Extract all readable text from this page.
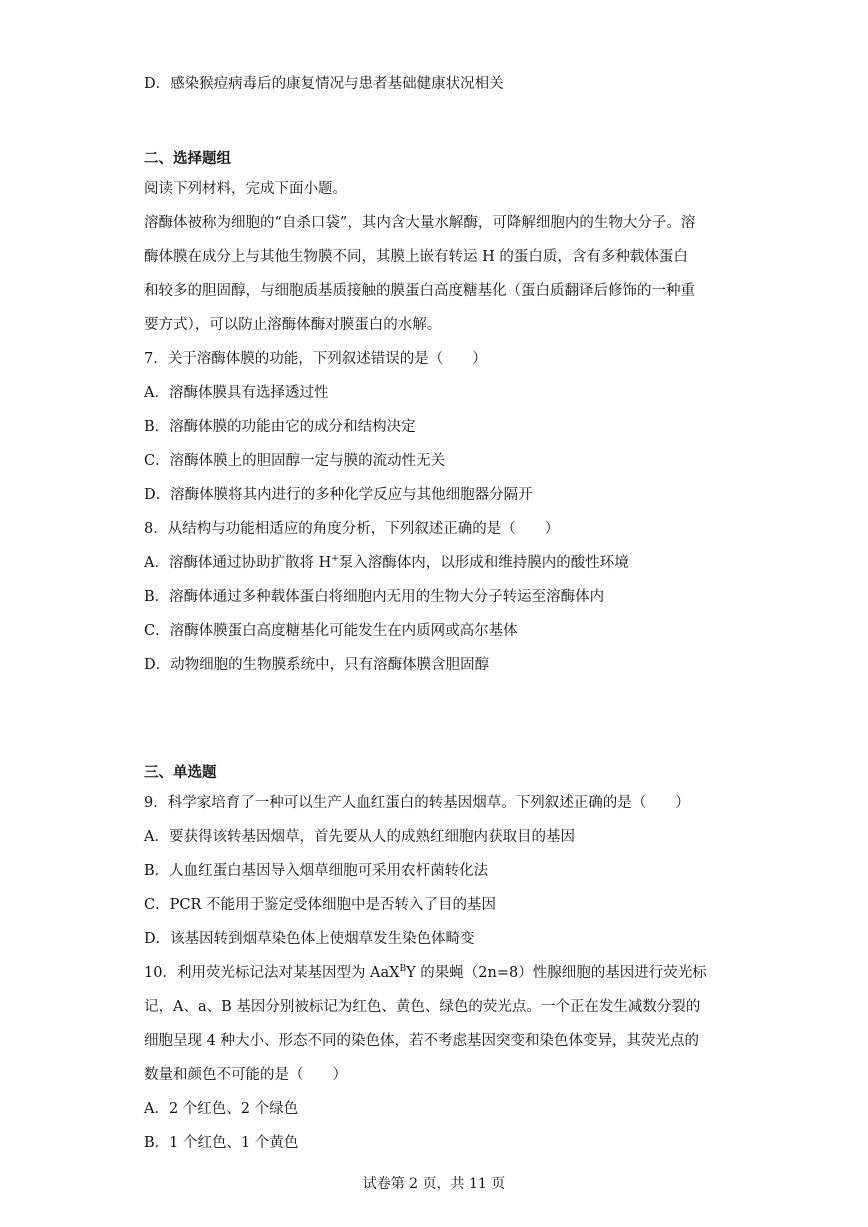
D．感染猴痘病毒后的康复情况与患者基础健康状况相关
二、选择题组
阅读下列材料，完成下面小题。
溶酶体被称为细胞的“自杀口袋”，其内含大量水解酶，可降解细胞内的生物大分子。溶
酶体膜在成分上与其他生物膜不同，其膜上嵌有转运 H 的蛋白质，含有多种载体蛋白
和较多的胆固醇，与细胞质基质接触的膜蛋白高度糖基化（蛋白质翻译后修饰的一种重
要方式），可以防止溶酶体酶对膜蛋白的水解。
7．关于溶酶体膜的功能，下列叙述错误的是（　　）
A．溶酶体膜具有选择透过性
B．溶酶体膜的功能由它的成分和结构决定
C．溶酶体膜上的胆固醇一定与膜的流动性无关
D．溶酶体膜将其内进行的多种化学反应与其他细胞器分隔开
8．从结构与功能相适应的角度分析，下列叙述正确的是（　　）
A．溶酶体通过协助扩散将 H+泵入溶酶体内，以形成和维持膜内的酸性环境
B．溶酶体通过多种载体蛋白将细胞内无用的生物大分子转运至溶酶体内
C．溶酶体膜蛋白高度糖基化可能发生在内质网或高尔基体
D．动物细胞的生物膜系统中，只有溶酶体膜含胆固醇
三、单选题
9．科学家培育了一种可以生产人血红蛋白的转基因烟草。下列叙述正确的是（　　）
A．要获得该转基因烟草，首先要从人的成熟红细胞内获取目的基因
B．人血红蛋白基因导入烟草细胞可采用农杆菌转化法
C．PCR 不能用于鉴定受体细胞中是否转入了目的基因
D．该基因转到烟草染色体上使烟草发生染色体畸变
10．利用荧光标记法对某基因型为 AaX$^B$Y 的果蝇（2n=8）性腺细胞的基因进行荧光标
记，A、a、B 基因分别被标记为红色、黄色、绿色的荧光点。一个正在发生减数分裂的
细胞呈现 4 种大小、形态不同的染色体，若不考虑基因突变和染色体变异，其荧光点的
数量和颜色不可能的是（　　）
A．2 个红色、2 个绿色
B．1 个红色、1 个黄色
试卷第 2 页，共 11 页
